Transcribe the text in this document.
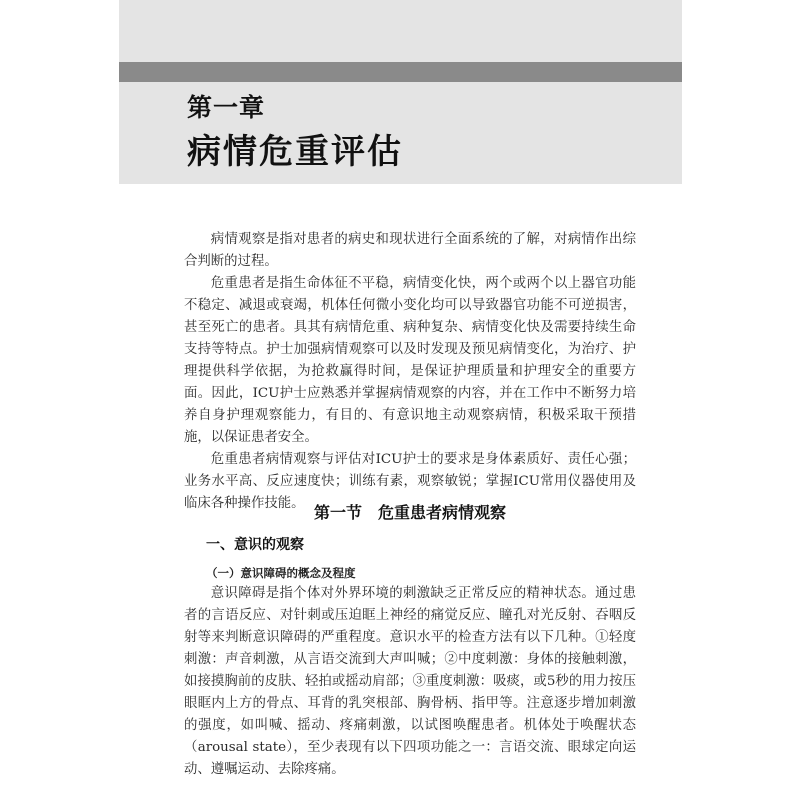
第一章
病情危重评估

病情观察是指对患者的病史和现状进行全面系统的了解，对病情作出综合判断的过程。

危重患者是指生命体征不平稳，病情变化快，两个或两个以上器官功能不稳定、减退或衰竭，机体任何微小变化均可以导致器官功能不可逆损害，甚至死亡的患者。具其有病情危重、病种复杂、病情变化快及需要持续生命支持等特点。护士加强病情观察可以及时发现及预见病情变化，为治疗、护理提供科学依据，为抢救赢得时间，是保证护理质量和护理安全的重要方面。因此，ICU护士应熟悉并掌握病情观察的内容，并在工作中不断努力培养自身护理观察能力，有目的、有意识地主动观察病情，积极采取干预措施，以保证患者安全。

危重患者病情观察与评估对ICU护士的要求是身体素质好、责任心强；业务水平高、反应速度快；训练有素，观察敏锐；掌握ICU常用仪器使用及临床各种操作技能。 第一节　危重患者病情观察
一、意识的观察
（一）意识障碍的概念及程度

意识障碍是指个体对外界环境的刺激缺乏正常反应的精神状态。通过患者的言语反应、对针刺或压迫眶上神经的痛觉反应、瞳孔对光反射、吞咽反射等来判断意识障碍的严重程度。意识水平的检查方法有以下几种。①轻度刺激：声音刺激，从言语交流到大声叫喊；②中度刺激：身体的接触刺激，如接摸胸前的皮肤、轻拍或摇动肩部；③重度刺激：吸痰，或5秒的用力按压眼眶内上方的骨点、耳背的乳突根部、胸骨柄、指甲等。注意逐步增加刺激的强度，如叫喊、摇动、疼痛刺激，以试图唤醒患者。机体处于唤醒状态（arousal state），至少表现有以下四项功能之一：言语交流、眼球定向运动、遵嘱运动、去除疼痛。
